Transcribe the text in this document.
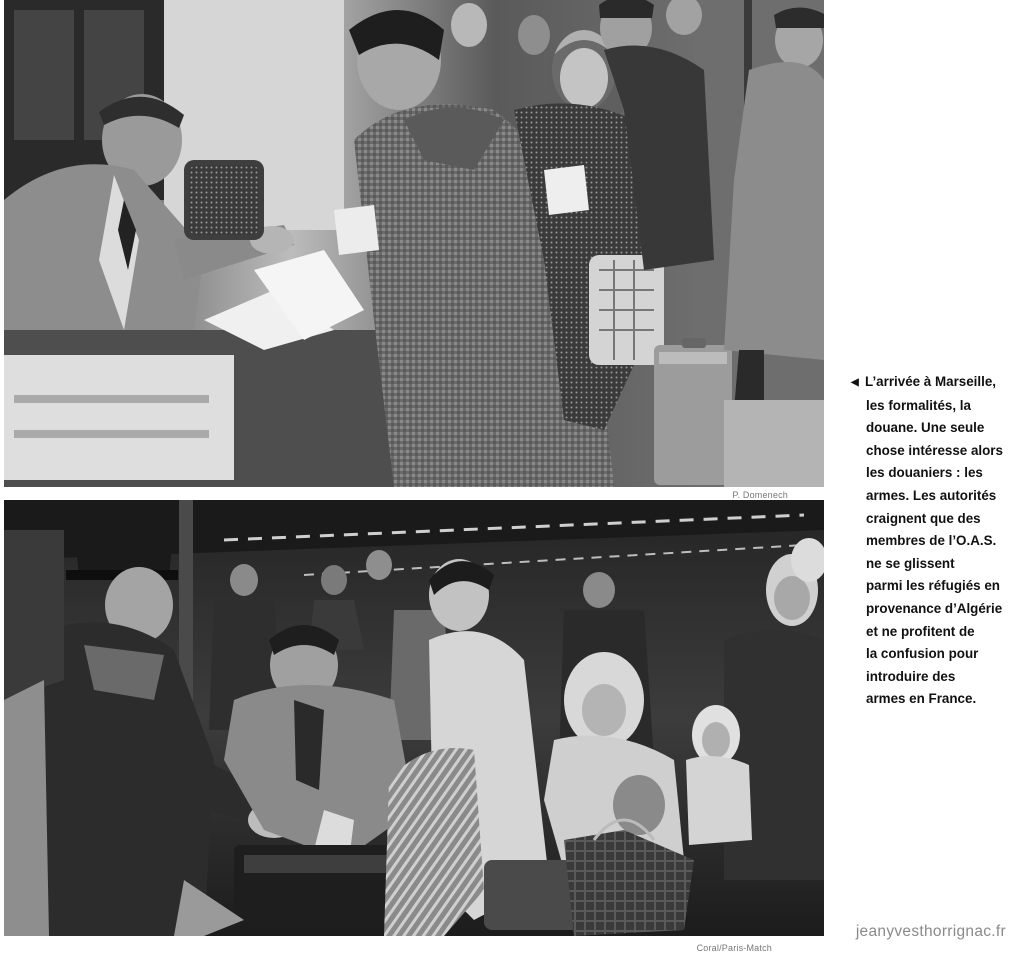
P. Domenech
Coral/Paris-Match
◀ L’arrivée à Marseille,
les formalités, la
douane. Une seule
chose intéresse alors
les douaniers : les
armes. Les autorités
craignent que des
membres de l’O.A.S.
ne se glissent
parmi les réfugiés en
provenance d’Algérie
et ne profitent de
la confusion pour
introduire des
armes en France.
jeanyvesthorrignac.fr
